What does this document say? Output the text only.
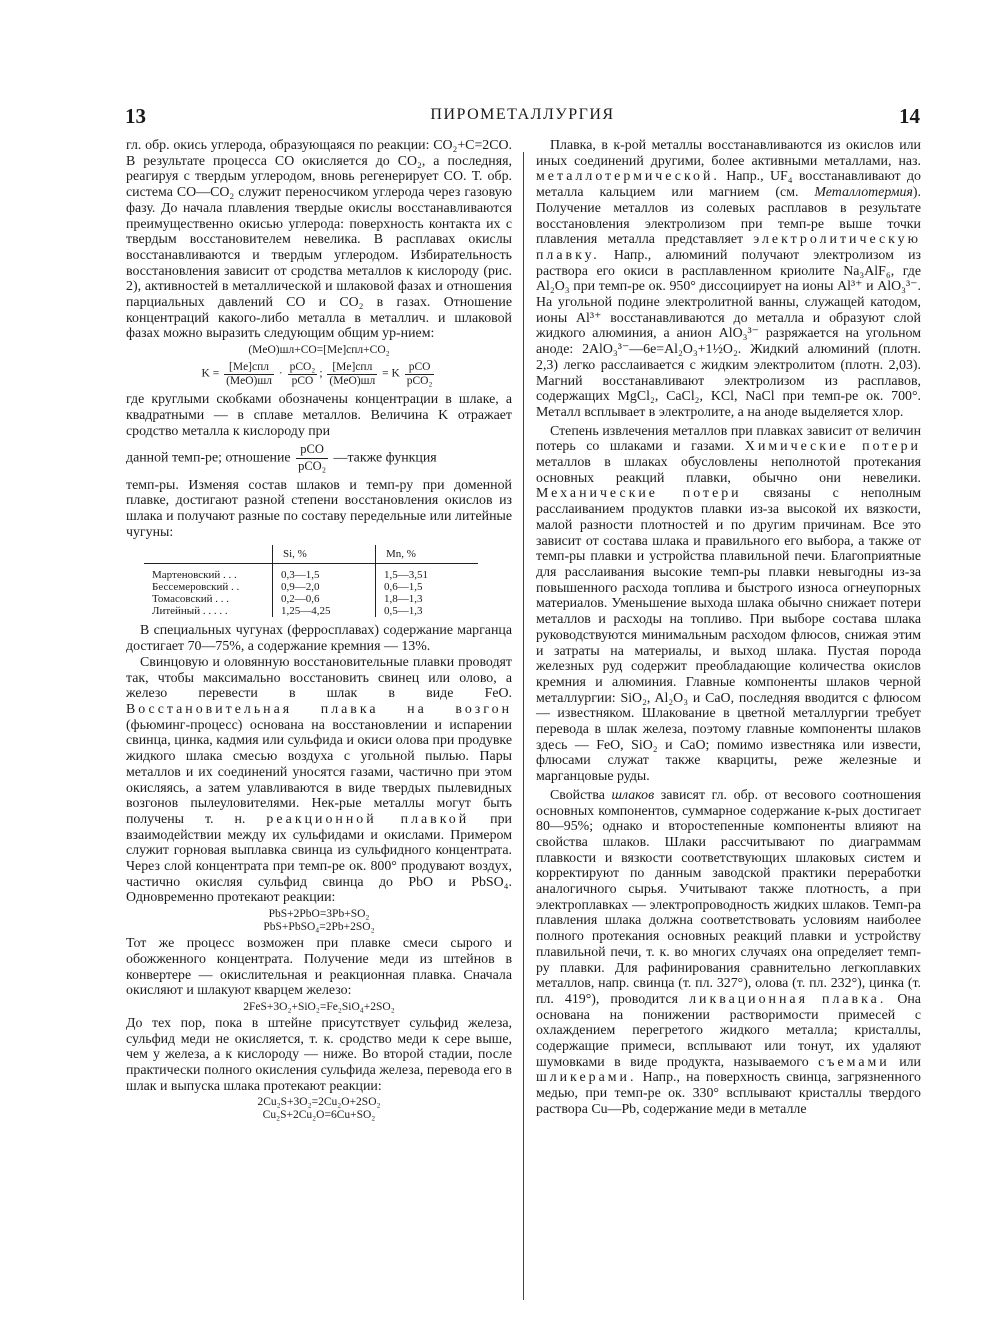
13	ПИРОМЕТАЛЛУРГИЯ	14

гл. обр. окись углерода, образующаяся по реакции: CO₂+C=2CO. В результате процесса CO окисляется до CO₂, а последняя, реагируя с твердым углеродом, вновь регенерирует CO. Т. обр. система CO—CO₂ служит переносчиком углерода через газовую фазу. До начала плавления твердые окислы восстанавливаются преимущественно окисью углерода: поверхность контакта их с твердым восстановителем невелика. В расплавах окислы восстанавливаются и твердым углеродом. Избирательность восстановления зависит от сродства металлов к кислороду (рис. 2), активностей в металлической и шлаковой фазах и отношения парциальных давлений CO и CO₂ в газах. Отношение концентраций какого-либо металла в металлич. и шлаковой фазах можно выразить следующим общим ур-нием:

(MeO)шл+CO=[Me]спл+CO₂
$K = \frac{\text{[Me]спл}}{\text{(MeO)шл}} \cdot \frac{\text{pCO₂}}{\text{pCO}}$ ; $\frac{\text{[Me]спл}}{\text{(MeO)шл}} = K \frac{\text{pCO}}{\text{pCO₂}}$

где круглыми скобками обозначены концентрации в шлаке, а квадратными — в сплаве металлов. Величина K отражает сродство металла к кислороду при

данной темп-ре; отношение $\frac{\text{pCO}}{\text{pCO₂}}$ —также функция

темп-ры. Изменяя состав шлаков и темп-ру при доменной плавке, достигают разной степени восстановления окислов из шлака и получают разные по составу передельные или литейные чугуны:

	Si, %	Mn, %
Мартеновский . . .	0,3—1,5	1,5—3,51
Бессемеровский . .	0,9—2,0	0,6—1,5
Томасовский . . .	0,2—0,6	1,8—1,3
Литейный . . . . .	1,25—4,25	0,5—1,3

В специальных чугунах (ферросплавах) содержание марганца достигает 70—75%, а содержание кремния — 13%.

Свинцовую и оловянную восстановительные плавки проводят так, чтобы максимально восстановить свинец или олово, а железо перевести в шлак в виде FeO. Восстановительная плавка на возгон (фьюминг-процесс) основана на восстановлении и испарении свинца, цинка, кадмия или сульфида и окиси олова при продувке жидкого шлака смесью воздуха с угольной пылью. Пары металлов и их соединений уносятся газами, частично при этом окисляясь, а затем улавливаются в виде твердых пылевидных возгонов пылеуловителями. Нек-рые металлы могут быть получены т. н. реакционной плавкой при взаимодействии между их сульфидами и окислами. Примером служит горновая выплавка свинца из сульфидного концентрата. Через слой концентрата при темп-ре ок. 800° продувают воздух, частично окисляя сульфид свинца до PbO и PbSO₄. Одновременно протекают реакции:

PbS+2PbO=3Pb+SO₂
PbS+PbSO₄=2Pb+2SO₂

Тот же процесс возможен при плавке смеси сырого и обожженного концентрата. Получение меди из штейнов в конвертере — окислительная и реакционная плавка. Сначала окисляют и шлакуют кварцем железо:

2FeS+3O₂+SiO₂=Fe₂SiO₄+2SO₂

До тех пор, пока в штейне присутствует сульфид железа, сульфид меди не окисляется, т. к. сродство меди к сере выше, чем у железа, а к кислороду — ниже. Во второй стадии, после практически полного окисления сульфида железа, перевода его в шлак и выпуска шлака протекают реакции:

2Cu₂S+3O₂=2Cu₂O+2SO₂
Cu₂S+2Cu₂O=6Cu+SO₂

Плавка, в к-рой металлы восстанавливаются из окислов или иных соединений другими, более активными металлами, наз. металлотермической. Напр., UF₄ восстанавливают до металла кальцием или магнием (см. Металлотермия). Получение металлов из солевых расплавов в результате восстановления электролизом при темп-ре выше точки плавления металла представляет электролитическую плавку. Напр., алюминий получают электролизом из раствора его окиси в расплавленном криолите Na₃AlF₆, где Al₂O₃ при темп-ре ок. 950° диссоциирует на ионы Al³⁺ и AlO₃³⁻. На угольной подине электролитной ванны, служащей катодом, ионы Al³⁺ восстанавливаются до металла и образуют слой жидкого алюминия, а анион AlO₃³⁻ разряжается на угольном аноде: 2AlO₃³⁻—6e=Al₂O₃+1½O₂. Жидкий алюминий (плотн. 2,3) легко расслаивается с жидким электролитом (плотн. 2,03). Магний восстанавливают электролизом из расплавов, содержащих MgCl₂, CaCl₂, KCl, NaCl при темп-ре ок. 700°. Металл всплывает в электролите, а на аноде выделяется хлор.

Степень извлечения металлов при плавках зависит от величин потерь со шлаками и газами. Химические потери металлов в шлаках обусловлены неполнотой протекания основных реакций плавки, обычно они невелики. Механические потери связаны с неполным расслаиванием продуктов плавки из-за высокой их вязкости, малой разности плотностей и по другим причинам. Все это зависит от состава шлака и правильного его выбора, а также от темп-ры плавки и устройства плавильной печи. Благоприятные для расслаивания высокие темп-ры плавки невыгодны из-за повышенного расхода топлива и быстрого износа огнеупорных материалов. Уменьшение выхода шлака обычно снижает потери металлов и расходы на топливо. При выборе состава шлака руководствуются минимальным расходом флюсов, снижая этим и затраты на материалы, и выход шлака. Пустая порода железных руд содержит преобладающие количества окислов кремния и алюминия. Главные компоненты шлаков черной металлургии: SiO₂, Al₂O₃ и CaO, последняя вводится с флюсом — известняком. Шлакование в цветной металлургии требует перевода в шлак железа, поэтому главные компоненты шлаков здесь — FeO, SiO₂ и CaO; помимо известняка или извести, флюсами служат также кварциты, реже железные и марганцовые руды.

Свойства шлаков зависят гл. обр. от весового соотношения основных компонентов, суммарное содержание к-рых достигает 80—95%; однако и второстепенные компоненты влияют на свойства шлаков. Шлаки рассчитывают по диаграммам плавкости и вязкости соответствующих шлаковых систем и корректируют по данным заводской практики переработки аналогичного сырья. Учитывают также плотность, а при электроплавках — электропроводность жидких шлаков. Темп-ра плавления шлака должна соответствовать условиям наиболее полного протекания основных реакций плавки и устройству плавильной печи, т. к. во многих случаях она определяет темп-ру плавки. Для рафинирования сравнительно легкоплавких металлов, напр. свинца (т. пл. 327°), олова (т. пл. 232°), цинка (т. пл. 419°), проводится ликвационная плавка. Она основана на понижении растворимости примесей с охлаждением перегретого жидкого металла; кристаллы, содержащие примеси, всплывают или тонут, их удаляют шумовками в виде продукта, называемого съемами или шликерами. Напр., на поверхность свинца, загрязненного медью, при темп-ре ок. 330° всплывают кристаллы твердого раствора Cu—Pb, содержание меди в металле
